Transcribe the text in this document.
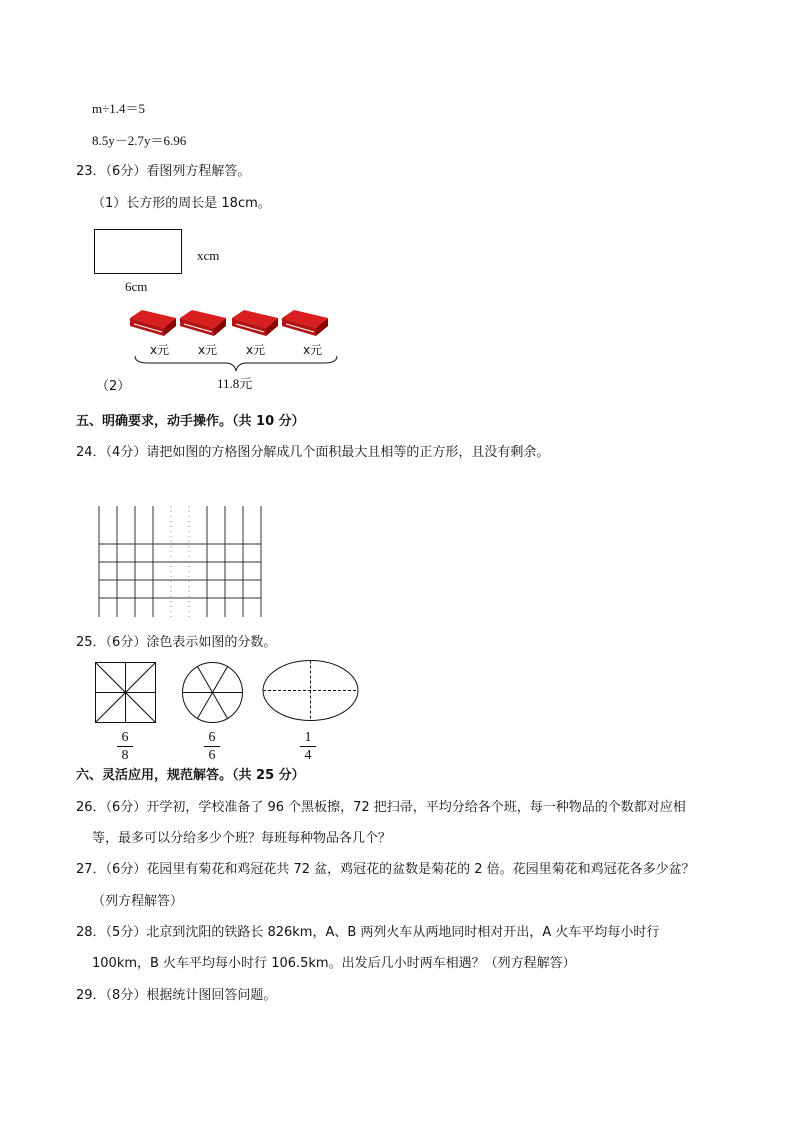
m÷1.4＝5
8.5y－2.7y＝6.96
23．（6分）看图列方程解答。
（1）长方形的周长是 18cm。
xcm
6cm
x元 x元 x元	x元
（2）	11.8元
五、明确要求，动手操作。（共 10 分）
24．（4分）请把如图的方格图分解成几个面积最大且相等的正方形，且没有剩余。
25．（6分）涂色表示如图的分数。
6
8
6
6
1
4
六、灵活应用，规范解答。（共 25 分）
26．（6分）开学初，学校准备了 96 个黑板擦，72 把扫帚，平均分给各个班，每一种物品的个数都对应相
等，最多可以分给多少个班？每班每种物品各几个？
27．（6分）花园里有菊花和鸡冠花共 72 盆，鸡冠花的盆数是菊花的 2 倍。花园里菊花和鸡冠花各多少盆？
（列方程解答）
28．（5分）北京到沈阳的铁路长 826km，A、B 两列火车从两地同时相对开出，A 火车平均每小时行
100km，B 火车平均每小时行 106.5km。出发后几小时两车相遇？（列方程解答）
29．（8分）根据统计图回答问题。
